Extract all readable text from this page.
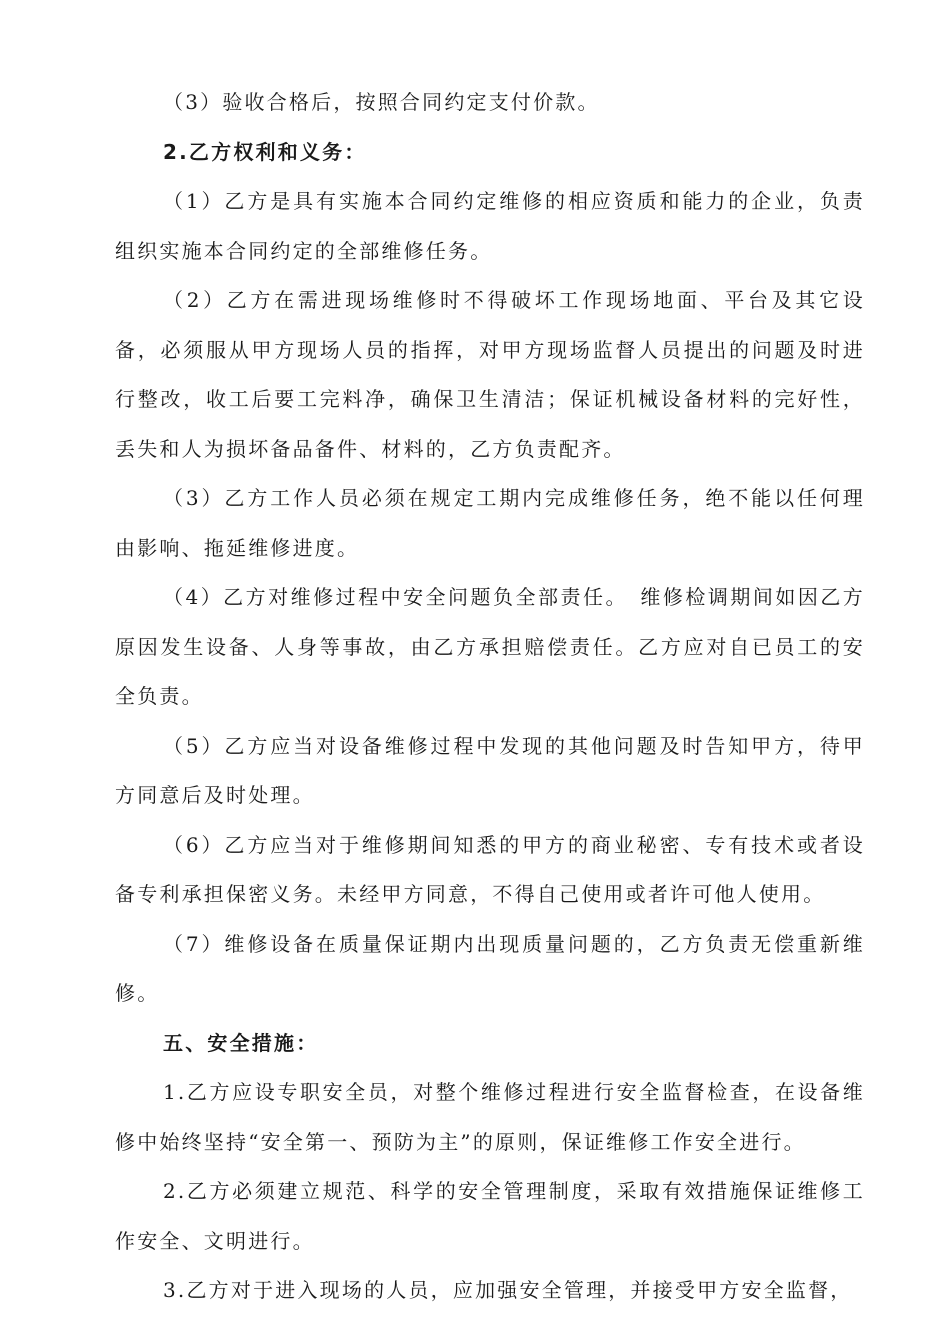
（3）验收合格后，按照合同约定支付价款。

2.乙方权利和义务：

（1）乙方是具有实施本合同约定维修的相应资质和能力的企业，负责组织实施本合同约定的全部维修任务。

（2）乙方在需进现场维修时不得破坏工作现场地面、平台及其它设备，必须服从甲方现场人员的指挥，对甲方现场监督人员提出的问题及时进行整改，收工后要工完料净，确保卫生清洁；保证机械设备材料的完好性，丢失和人为损坏备品备件、材料的，乙方负责配齐。

（3）乙方工作人员必须在规定工期内完成维修任务，绝不能以任何理由影响、拖延维修进度。

（4）乙方对维修过程中安全问题负全部责任。　维修检调期间如因乙方原因发生设备、人身等事故，由乙方承担赔偿责任。乙方应对自已员工的安全负责。

（5）乙方应当对设备维修过程中发现的其他问题及时告知甲方，待甲方同意后及时处理。

（6）乙方应当对于维修期间知悉的甲方的商业秘密、专有技术或者设备专利承担保密义务。未经甲方同意，不得自己使用或者许可他人使用。

（7）维修设备在质量保证期内出现质量问题的，乙方负责无偿重新维修。

五、安全措施：

1.乙方应设专职安全员，对整个维修过程进行安全监督检查，在设备维修中始终坚持“安全第一、预防为主”的原则，保证维修工作安全进行。

2.乙方必须建立规范、科学的安全管理制度，采取有效措施保证维修工作安全、文明进行。

3.乙方对于进入现场的人员，应加强安全管理，并接受甲方安全监督，
